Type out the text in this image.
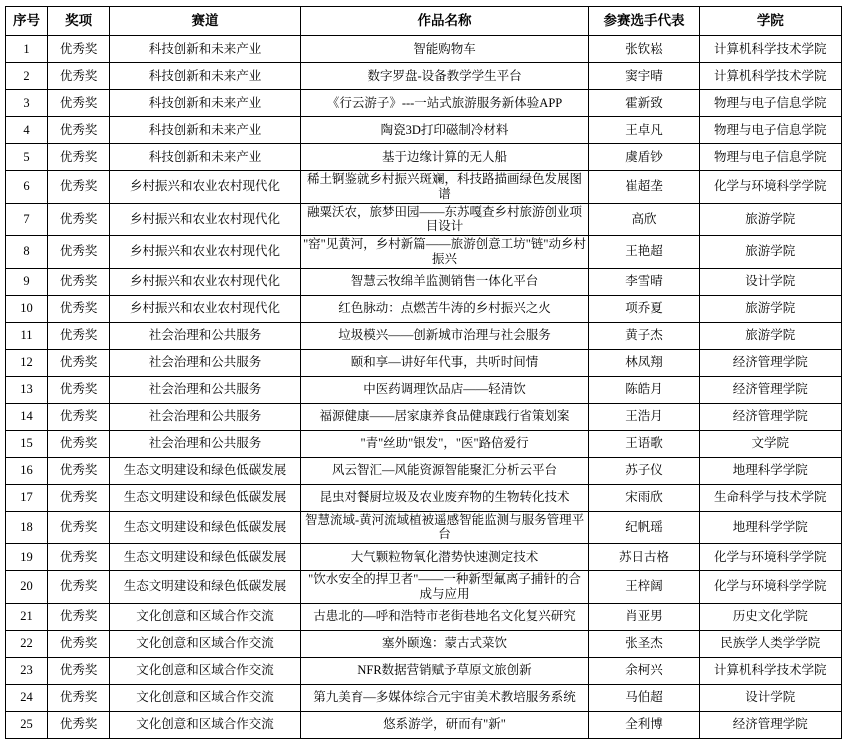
序号	奖项	赛道	作品名称	参赛选手代表	学院
1	优秀奖	科技创新和未来产业	智能购物车	张钦崧	计算机科学技术学院
2	优秀奖	科技创新和未来产业	数字罗盘-设备教学学生平台	窦宇晴	计算机科学技术学院
3	优秀奖	科技创新和未来产业	《行云游子》---一站式旅游服务新体验APP	霍新致	物理与电子信息学院
4	优秀奖	科技创新和未来产业	陶瓷3D打印磁制冷材料	王卓凡	物理与电子信息学院
5	优秀奖	科技创新和未来产业	基于边缘计算的无人船	虞盾钞	物理与电子信息学院
6	优秀奖	乡村振兴和农业农村现代化	稀土锕鉴就乡村振兴斑斓，科技路描画绿色发展图谱	崔超垄	化学与环境科学学院
7	优秀奖	乡村振兴和农业农村现代化	融粟沃农，旅梦田园——东苏嘎查乡村旅游创业项目设计	高欣	旅游学院
8	优秀奖	乡村振兴和农业农村现代化	"窑"见黄河，乡村新篇——旅游创意工坊"链"动乡村振兴	王艳超	旅游学院
9	优秀奖	乡村振兴和农业农村现代化	智慧云牧绵羊监测销售一体化平台	李雪晴	设计学院
10	优秀奖	乡村振兴和农业农村现代化	红色脉动：点燃苦牛涛的乡村振兴之火	项乔夏	旅游学院
11	优秀奖	社会治理和公共服务	垃圾模兴——创新城市治理与社会服务	黄子杰	旅游学院
12	优秀奖	社会治理和公共服务	颐和享—讲好年代事，共听时间情	林凤翔	经济管理学院
13	优秀奖	社会治理和公共服务	中医药调理饮品店——轻清饮	陈皓月	经济管理学院
14	优秀奖	社会治理和公共服务	福源健康——居家康养食品健康践行省策划案	王浩月	经济管理学院
15	优秀奖	社会治理和公共服务	"青"丝助"银发"，"医"路倍爱行	王语歌	文学院
16	优秀奖	生态文明建设和绿色低碳发展	风云智汇—风能资源智能聚汇分析云平台	苏子仪	地理科学学院
17	优秀奖	生态文明建设和绿色低碳发展	昆虫对餐厨垃圾及农业废弃物的生物转化技术	宋雨欣	生命科学与技术学院
18	优秀奖	生态文明建设和绿色低碳发展	智慧流域-黄河流域植被遥感智能监测与服务管理平台	纪帆瑶	地理科学学院
19	优秀奖	生态文明建设和绿色低碳发展	大气颗粒物氧化潜势快速测定技术	苏日古格	化学与环境科学学院
20	优秀奖	生态文明建设和绿色低碳发展	"饮水安全的捍卫者"——一种新型氟离子捕针的合成与应用	王梓阔	化学与环境科学学院
21	优秀奖	文化创意和区域合作交流	古患北的—呼和浩特市老街巷地名文化复兴研究	肖亚男	历史文化学院
22	优秀奖	文化创意和区域合作交流	塞外颐逸：蒙古式菜饮	张圣杰	民族学人类学学院
23	优秀奖	文化创意和区域合作交流	NFR数据营销赋予草原文旅创新	余柯兴	计算机科学技术学院
24	优秀奖	文化创意和区域合作交流	第九美育—多媒体综合元宇宙美术教培服务系统	马伯超	设计学院
25	优秀奖	文化创意和区域合作交流	悠系游学，研而有"新"	全利博	经济管理学院
